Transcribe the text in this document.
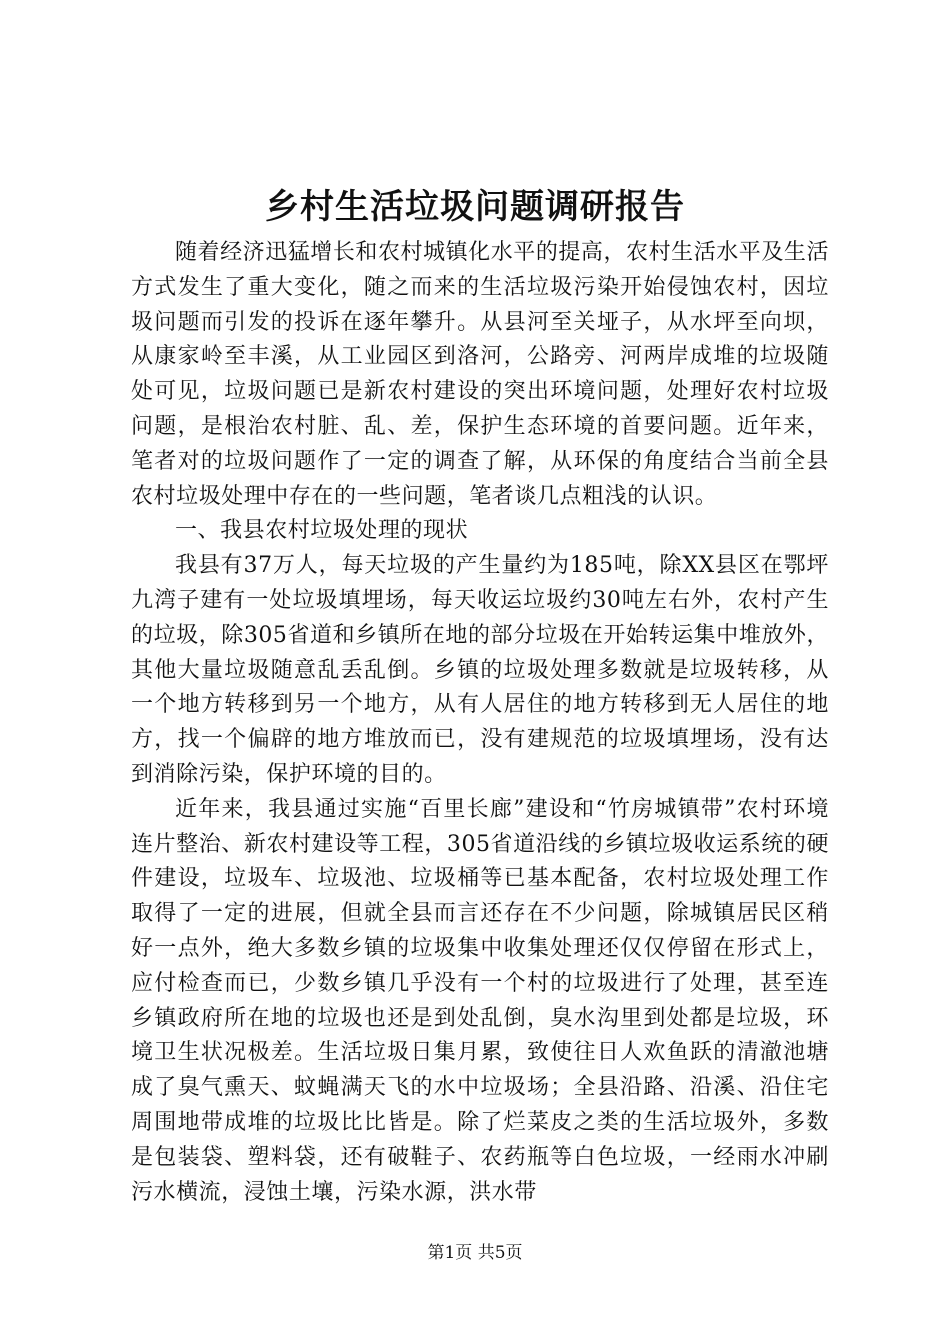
乡村生活垃圾问题调研报告

随着经济迅猛增长和农村城镇化水平的提高，农村生活水平及生活方式发生了重大变化，随之而来的生活垃圾污染开始侵蚀农村，因垃圾问题而引发的投诉在逐年攀升。从县河至关垭子，从水坪至向坝，从康家岭至丰溪，从工业园区到洛河，公路旁、河两岸成堆的垃圾随处可见，垃圾问题已是新农村建设的突出环境问题，处理好农村垃圾问题，是根治农村脏、乱、差，保护生态环境的首要问题。近年来，笔者对的垃圾问题作了一定的调查了解，从环保的角度结合当前全县农村垃圾处理中存在的一些问题，笔者谈几点粗浅的认识。

一、我县农村垃圾处理的现状

我县有37万人，每天垃圾的产生量约为185吨，除XX县区在鄂坪九湾子建有一处垃圾填埋场，每天收运垃圾约30吨左右外，农村产生的垃圾，除305省道和乡镇所在地的部分垃圾在开始转运集中堆放外，其他大量垃圾随意乱丢乱倒。乡镇的垃圾处理多数就是垃圾转移，从一个地方转移到另一个地方，从有人居住的地方转移到无人居住的地方，找一个偏辟的地方堆放而已，没有建规范的垃圾填埋场，没有达到消除污染，保护环境的目的。

近年来，我县通过实施“百里长廊”建设和“竹房城镇带”农村环境连片整治、新农村建设等工程，305省道沿线的乡镇垃圾收运系统的硬件建设，垃圾车、垃圾池、垃圾桶等已基本配备，农村垃圾处理工作取得了一定的进展，但就全县而言还存在不少问题，除城镇居民区稍好一点外，绝大多数乡镇的垃圾集中收集处理还仅仅停留在形式上，应付检查而已，少数乡镇几乎没有一个村的垃圾进行了处理，甚至连乡镇政府所在地的垃圾也还是到处乱倒，臭水沟里到处都是垃圾，环境卫生状况极差。生活垃圾日集月累，致使往日人欢鱼跃的清澈池塘成了臭气熏天、蚊蝇满天飞的水中垃圾场；全县沿路、沿溪、沿住宅周围地带成堆的垃圾比比皆是。除了烂菜皮之类的生活垃圾外，多数是包装袋、塑料袋，还有破鞋子、农药瓶等白色垃圾，一经雨水冲刷污水横流，浸蚀土壤，污染水源，洪水带

第1页 共5页
